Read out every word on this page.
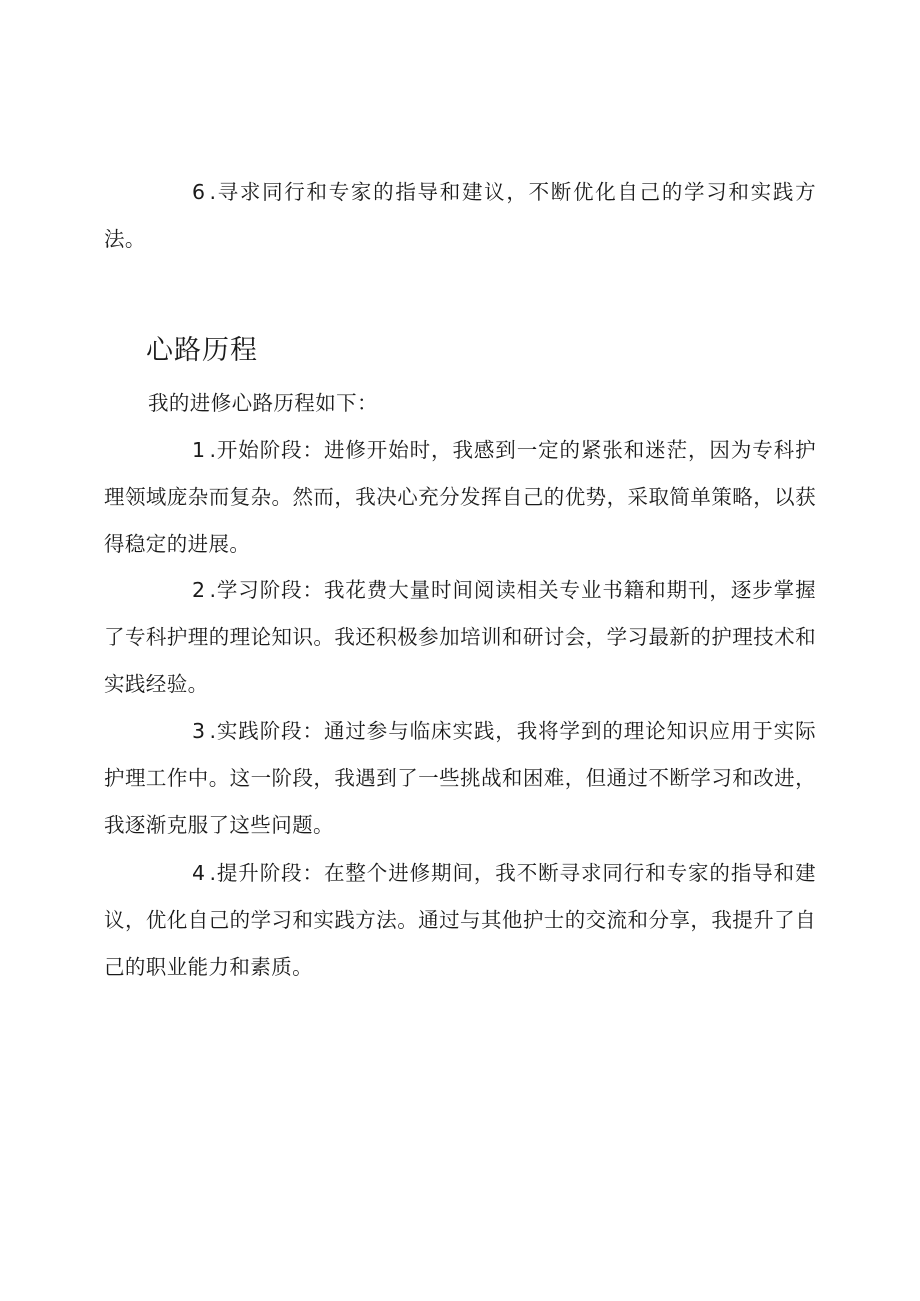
6 .寻求同行和专家的指导和建议，不断优化自己的学习和实践方法。

心路历程

我的进修心路历程如下：

1 .开始阶段：进修开始时，我感到一定的紧张和迷茫，因为专科护理领域庞杂而复杂。然而，我决心充分发挥自己的优势，采取简单策略，以获得稳定的进展。

2 .学习阶段：我花费大量时间阅读相关专业书籍和期刊，逐步掌握了专科护理的理论知识。我还积极参加培训和研讨会，学习最新的护理技术和实践经验。

3 .实践阶段：通过参与临床实践，我将学到的理论知识应用于实际护理工作中。这一阶段，我遇到了一些挑战和困难，但通过不断学习和改进，我逐渐克服了这些问题。

4 .提升阶段：在整个进修期间，我不断寻求同行和专家的指导和建议，优化自己的学习和实践方法。通过与其他护士的交流和分享，我提升了自己的职业能力和素质。
